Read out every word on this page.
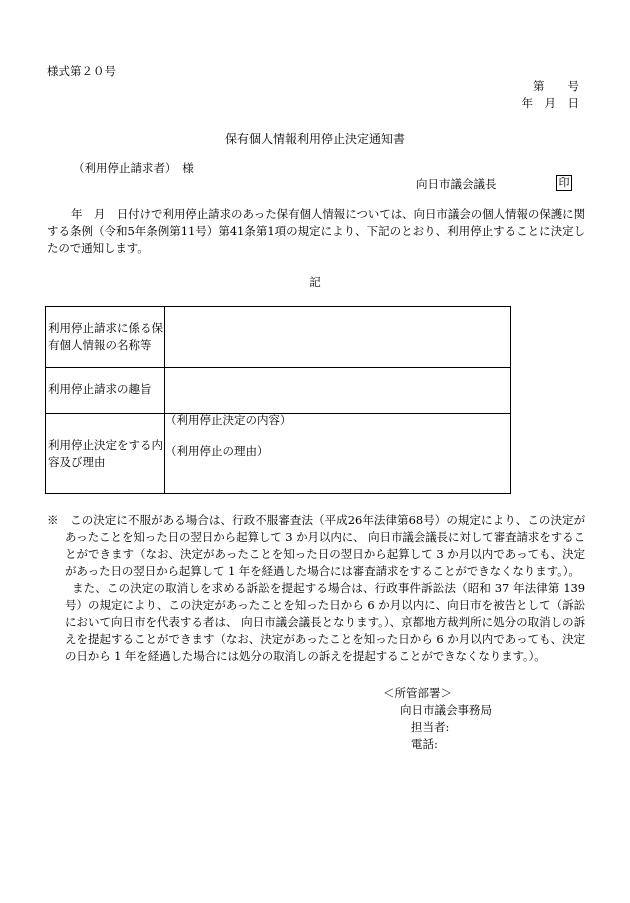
様式第２０号
第　　号
年　月　日
保有個人情報利用停止決定通知書
（利用停止請求者）　様
向日市議会議長	印
年　月　日付けで利用停止請求のあった保有個人情報については、向日市議会の個人情報の保護に関する条例（令和5年条例第11号）第41条第1項の規定により、下記のとおり、利用停止することに決定したので通知します。
記
利用停止請求に係る保有個人情報の名称等
利用停止請求の趣旨
利用停止決定をする内容及び理由
（利用停止決定の内容）
（利用停止の理由）

※　この決定に不服がある場合は、行政不服審査法（平成26年法律第68号）の規定により、この決定があったことを知った日の翌日から起算して 3 か月以内に、 向日市議会議長に対して審査請求をすることができます（なお、決定があったことを知った日の翌日から起算して 3 か月以内であっても、決定があった日の翌日から起算して 1 年を経過した場合には審査請求をすることができなくなります。）。

また、この決定の取消しを求める訴訟を提起する場合は、行政事件訴訟法（昭和 37 年法律第 139 号）の規定により、この決定があったことを知った日から 6 か月以内に、向日市を被告として（訴訟において向日市を代表する者は、 向日市議会議長となります。）、京都地方裁判所に処分の取消しの訴えを提起することができます（なお、決定があったことを知った日から 6 か月以内であっても、決定の日から 1 年を経過した場合には処分の取消しの訴えを提起することができなくなります。）。

＜所管部署＞
向日市議会事務局
担当者:
電話:
